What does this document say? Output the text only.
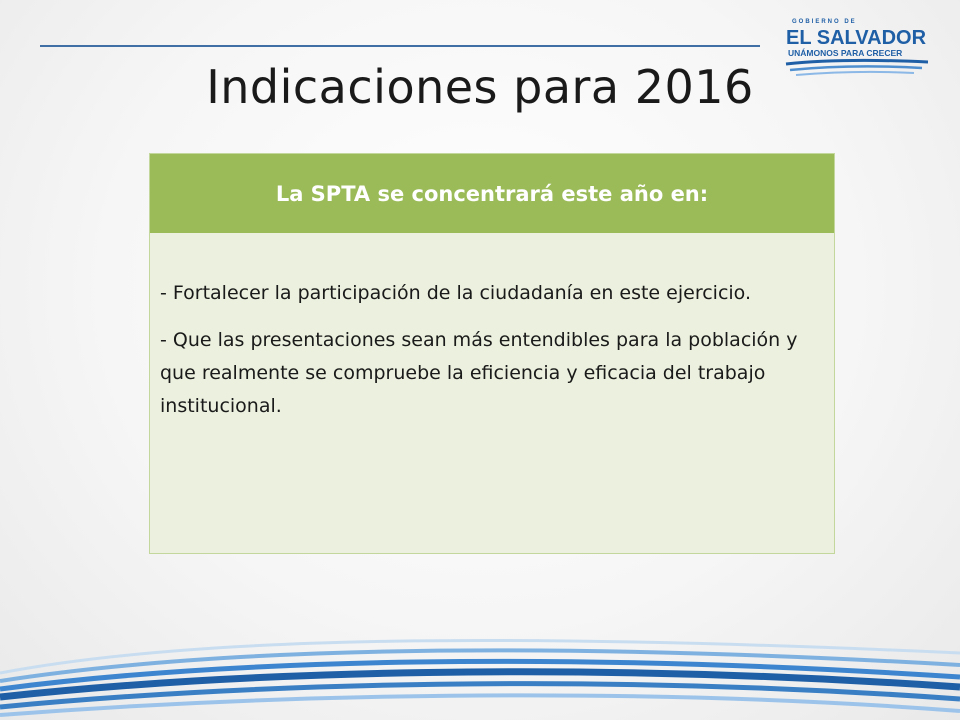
GOBIERNO DE
EL SALVADOR
UNÁMONOS PARA CRECER
Indicaciones para 2016
La SPTA se concentrará este año en:

- Fortalecer la participación de la ciudadanía en este ejercicio.

- Que las presentaciones sean más entendibles para la población y que realmente se compruebe la eficiencia y eficacia del trabajo institucional.
